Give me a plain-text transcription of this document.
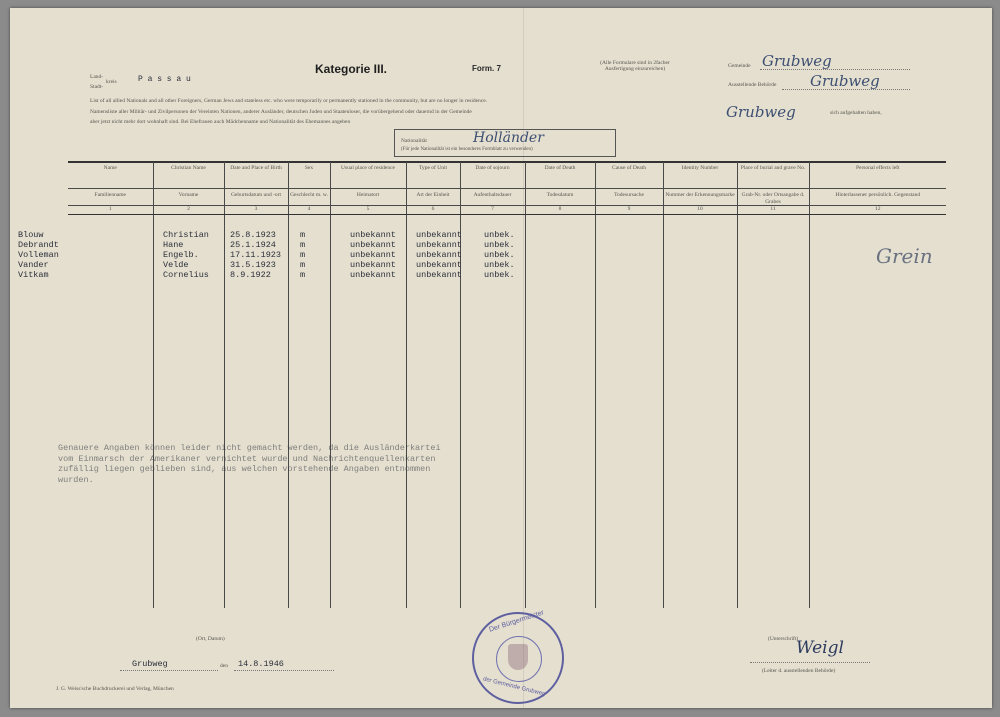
Land-
Stadt-
kreis	P a s s a u
Kategorie III.	Form. 7
(Alle Formulare sind in 2facher Ausfertigung einzureichen)
Gemeinde Grubweg
Ausstellende Behörde Grubweg
List of all allied Nationals and all other Foreigners, German Jews and stateless etc. who were temporarily or permanently stationed in the community, but are no longer in residence.
Namensliste aller Militär- und Zivilpersonen der Vereinten Nationen, anderer Ausländer, deutschen Juden und Staatenloser, die vorübergehend oder dauernd in der Gemeinde	Grubweg	sich aufgehalten haben,
aber jetzt nicht mehr dort wohnhaft sind. Bei Ehefrauen auch Mädchenname und Nationalität des Ehemannes angeben
Nationalität	Holländer
(Für jede Nationalität ist ein besonderes Formblatt zu verwenden)
Name	Christian Name	Date and Place of Birth	Sex	Usual place of residence	Type of Unit	Date of sojourn	Date of Death	Cause of Death	Identity Number	Place of burial and grave No.	Personal effects left

Familienname	Vorname	Geburtsdatum und -ort	Geschlecht m. w.	Heimatort	Art der Einheit	Aufenthaltsdauer	Todesdatum	Todesursache	Nummer der Erkennungsmarke	Grab-Nr. oder Ortsangabe d. Grabes	Hinterlassener persönlich. Gegenstand

1	2	3	4	5	6	7	8	9	10	11	12

Blouw	Christian 25.8.1923	m	unbekannt unbekannt	unbek.
Debrandt	Hane	25.1.1924	m	unbekannt unbekannt	unbek.
Volleman	Engelb.	17.11.1923 m	unbekannt unbekannt	unbek.
Vander	Velde	31.5.1923	m	unbekannt unbekannt	unbek.
Vitkam	Cornelius 8.9.1922	m	unbekannt unbekannt	unbek.
Grein
Genauere Angaben können leider nicht gemacht werden, da die Ausländerkartei
vom Einmarsch der Amerikaner vernichtet wurde und Nachrichtenquellenkarten
zufällig liegen geblieben sind, aus welchen vorstehende Angaben entnommen
wurden.
(Ort, Datum)
Grubweg	den 14.8.1946
J. G. Weiss'sche Buchdruckerei und Verlag, München
Der Bürgermeister
der Gemeinde Grubweg
(Unterschrift)
Weigl
(Leiter d. ausstellenden Behörde)
